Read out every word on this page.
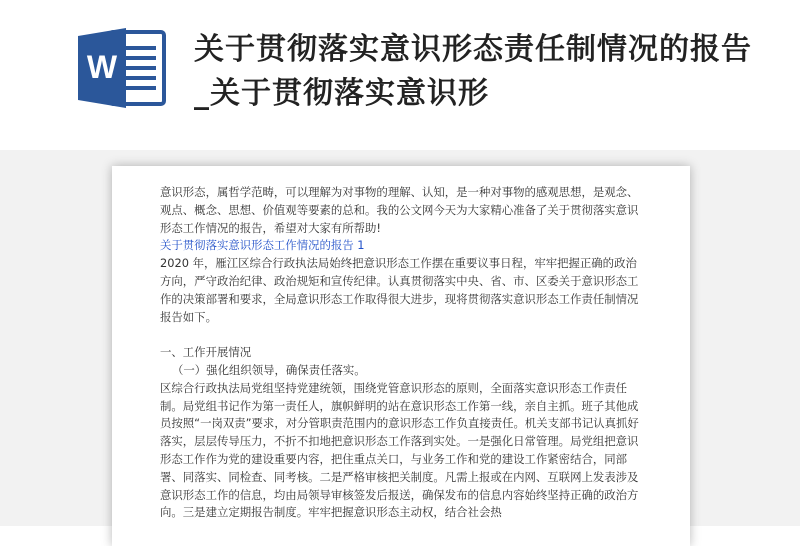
W	关于贯彻落实意识形态责任制情况的报告_关于贯彻落实意识形

意识形态，属哲学范畴，可以理解为对事物的理解、认知，是一种对事物的感观思想，是观念、观点、概念、思想、价值观等要素的总和。我的公文网今天为大家精心准备了关于贯彻落实意识形态工作情况的报告，希望对大家有所帮助!

关于贯彻落实意识形态工作情况的报告 1

2020 年，雁江区综合行政执法局始终把意识形态工作摆在重要议事日程，牢牢把握正确的政治方向，严守政治纪律、政治规矩和宣传纪律。认真贯彻落实中央、省、市、区委关于意识形态工作的决策部署和要求，全局意识形态工作取得很大进步，现将贯彻落实意识形态工作责任制情况报告如下。

一、工作开展情况

（一）强化组织领导，确保责任落实。

区综合行政执法局党组坚持党建统领，围绕党管意识形态的原则，全面落实意识形态工作责任制。局党组书记作为第一责任人，旗帜鲜明的站在意识形态工作第一线，亲自主抓。班子其他成员按照“一岗双责”要求，对分管职责范围内的意识形态工作负直接责任。机关支部书记认真抓好落实，层层传导压力，不折不扣地把意识形态工作落到实处。一是强化日常管理。局党组把意识形态工作作为党的建设重要内容，把住重点关口，与业务工作和党的建设工作紧密结合，同部署、同落实、同检查、同考核。二是严格审核把关制度。凡需上报或在内网、互联网上发表涉及意识形态工作的信息，均由局领导审核签发后报送，确保发布的信息内容始终坚持正确的政治方向。三是建立定期报告制度。牢牢把握意识形态主动权，结合社会热
